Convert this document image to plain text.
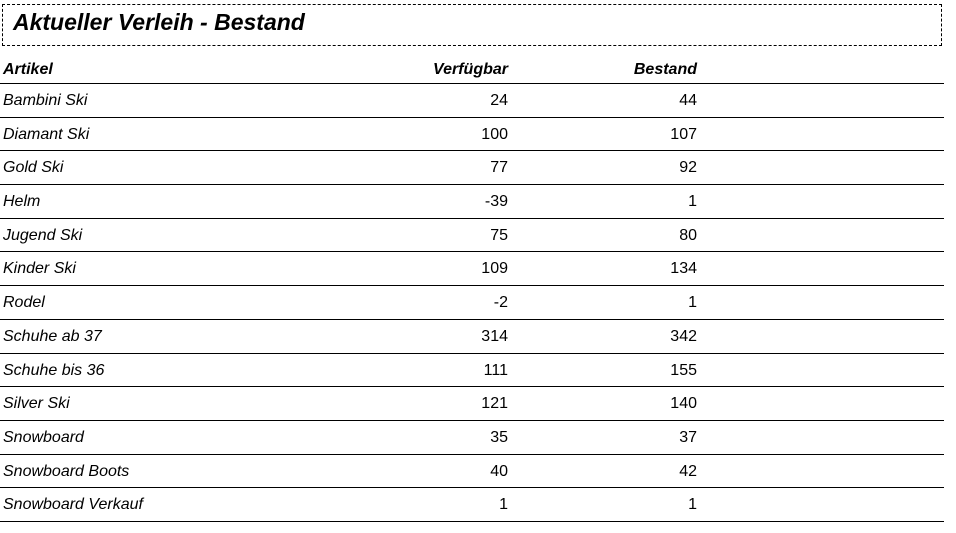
Aktueller Verleih - Bestand
Artikel	Verfügbar	Bestand
Bambini Ski	24	44
Diamant Ski	100	107
Gold Ski	77	92
Helm	-39	1
Jugend Ski	75	80
Kinder Ski	109	134
Rodel	-2	1
Schuhe ab 37	314	342
Schuhe bis 36	111	155
Silver Ski	121	140
Snowboard	35	37
Snowboard Boots	40	42
Snowboard Verkauf	1	1
